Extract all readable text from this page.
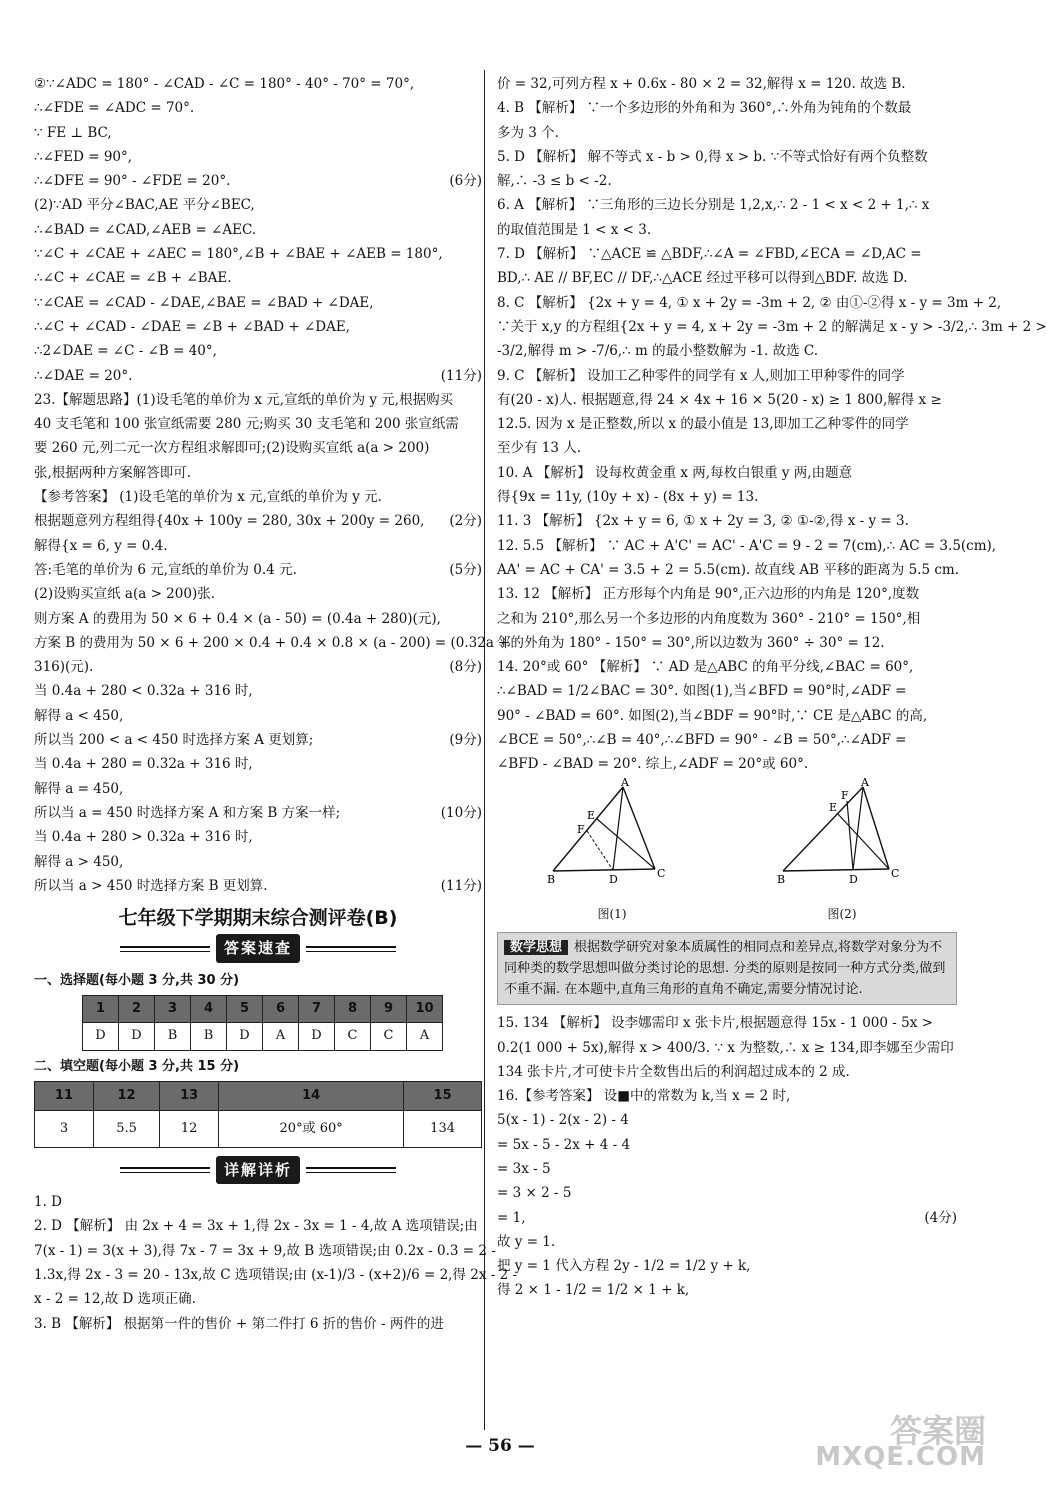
②∵∠ADC = 180° - ∠CAD - ∠C = 180° - 40° - 70° = 70°,
∴∠FDE = ∠ADC = 70°.
∵ FE ⊥ BC,
∴∠FED = 90°,
∴∠DFE = 90° - ∠FDE = 20°.	(6分)
(2)∵AD 平分∠BAC,AE 平分∠BEC,
∴∠BAD = ∠CAD,∠AEB = ∠AEC.
∵∠C + ∠CAE + ∠AEC = 180°,∠B + ∠BAE + ∠AEB = 180°,
∴∠C + ∠CAE = ∠B + ∠BAE.
∵∠CAE = ∠CAD - ∠DAE,∠BAE = ∠BAD + ∠DAE,
∴∠C + ∠CAD - ∠DAE = ∠B + ∠BAD + ∠DAE,
∴2∠DAE = ∠C - ∠B = 40°,
∴∠DAE = 20°.	(11分)
23.【解题思路】(1)设毛笔的单价为 x 元,宣纸的单价为 y 元,根据购买
40 支毛笔和 100 张宣纸需要 280 元;购买 30 支毛笔和 200 张宣纸需
要 260 元,列二元一次方程组求解即可;(2)设购买宣纸 a(a > 200)
张,根据两种方案解答即可.
【参考答案】 (1)设毛笔的单价为 x 元,宣纸的单价为 y 元.
根据题意列方程组得{40x + 100y = 280, 30x + 200y = 260, (2分)
解得{x = 6, y = 0.4.
答:毛笔的单价为 6 元,宣纸的单价为 0.4 元.	(5分)
(2)设购买宣纸 a(a > 200)张.
则方案 A 的费用为 50 × 6 + 0.4 × (a - 50) = (0.4a + 280)(元),
方案 B 的费用为 50 × 6 + 200 × 0.4 + 0.4 × 0.8 × (a - 200) = (0.32a +
316)(元).	(8分)
当 0.4a + 280 < 0.32a + 316 时,
解得 a < 450,
所以当 200 < a < 450 时选择方案 A 更划算;	(9分)
当 0.4a + 280 = 0.32a + 316 时,
解得 a = 450,
所以当 a = 450 时选择方案 A 和方案 B 方案一样;	(10分)
当 0.4a + 280 > 0.32a + 316 时,
解得 a > 450,
所以当 a > 450 时选择方案 B 更划算.	(11分)
七年级下学期期末综合测评卷(B)
答案速查
一、选择题(每小题 3 分,共 30 分)
1	2	3	4	5	6	7	8	9	10
D	D	B	B	D	A	D	C	C	A
二、填空题(每小题 3 分,共 15 分)
11	12	13	14	15
3	5.5	12	20°或 60°	134
详解详析
1. D
2. D 【解析】 由 2x + 4 = 3x + 1,得 2x - 3x = 1 - 4,故 A 选项错误;由
7(x - 1) = 3(x + 3),得 7x - 7 = 3x + 9,故 B 选项错误;由 0.2x - 0.3 = 2 -
1.3x,得 2x - 3 = 20 - 13x,故 C 选项错误;由 (x-1)/3 - (x+2)/6 = 2,得 2x - 2 -
x - 2 = 12,故 D 选项正确.
3. B 【解析】 根据第一件的售价 + 第二件打 6 折的售价 - 两件的进
价 = 32,可列方程 x + 0.6x - 80 × 2 = 32,解得 x = 120. 故选 B.
4. B 【解析】 ∵一个多边形的外角和为 360°,∴外角为钝角的个数最
多为 3 个.
5. D 【解析】 解不等式 x - b > 0,得 x > b. ∵不等式恰好有两个负整数
解,∴ -3 ≤ b < -2.
6. A 【解析】 ∵三角形的三边长分别是 1,2,x,∴ 2 - 1 < x < 2 + 1,∴ x
的取值范围是 1 < x < 3.
7. D 【解析】 ∵△ACE ≌ △BDF,∴∠A = ∠FBD,∠ECA = ∠D,AC =
BD,∴ AE // BF,EC // DF,∴△ACE 经过平移可以得到△BDF. 故选 D.
8. C 【解析】 {2x + y = 4, ① x + 2y = -3m + 2, ② 由①-②得 x - y = 3m + 2,
∵关于 x,y 的方程组{2x + y = 4, x + 2y = -3m + 2 的解满足 x - y > -3/2,∴ 3m + 2 >
-3/2,解得 m > -7/6,∴ m 的最小整数解为 -1. 故选 C.
9. C 【解析】 设加工乙种零件的同学有 x 人,则加工甲种零件的同学
有(20 - x)人. 根据题意,得 24 × 4x + 16 × 5(20 - x) ≥ 1 800,解得 x ≥
12.5. 因为 x 是正整数,所以 x 的最小值是 13,即加工乙种零件的同学
至少有 13 人.
10. A 【解析】 设每枚黄金重 x 两,每枚白银重 y 两,由题意
得{9x = 11y, (10y + x) - (8x + y) = 13.
11. 3 【解析】 {2x + y = 6, ① x + 2y = 3, ② ①-②,得 x - y = 3.
12. 5.5 【解析】 ∵ AC + A'C' = AC' - A'C = 9 - 2 = 7(cm),∴ AC = 3.5(cm),
AA' = AC + CA' = 3.5 + 2 = 5.5(cm). 故直线 AB 平移的距离为 5.5 cm.
13. 12 【解析】 正方形每个内角是 90°,正六边形的内角是 120°,度数
之和为 210°,那么另一个多边形的内角度数为 360° - 210° = 150°,相
邻的外角为 180° - 150° = 30°,所以边数为 360° ÷ 30° = 12.
14. 20°或 60° 【解析】 ∵ AD 是△ABC 的角平分线,∠BAC = 60°,
∴∠BAD = 1/2∠BAC = 30°. 如图(1),当∠BFD = 90°时,∠ADF =
90° - ∠BAD = 60°. 如图(2),当∠BDF = 90°时,∵ CE 是△ABC 的高,
∠BCE = 50°,∴∠B = 40°,∴∠BFD = 90° - ∠B = 50°,∴∠ADF =
∠BFD - ∠BAD = 20°. 综上,∠ADF = 20°或 60°.
A
E
F
B	D	C
图(1)
A
E
F
B	D	C
图(2)
数学思想 根据数学研究对象本质属性的相同点和差异点,将数学对象分为不同种类的数学思想叫做分类讨论的思想. 分类的原则是按同一种方式分类,做到不重不漏. 在本题中,直角三角形的直角不确定,需要分情况讨论.
15. 134 【解析】 设李娜需印 x 张卡片,根据题意得 15x - 1 000 - 5x >
0.2(1 000 + 5x),解得 x > 400/3. ∵ x 为整数,∴ x ≥ 134,即李娜至少需印
134 张卡片,才可使卡片全数售出后的利润超过成本的 2 成.
16.【参考答案】 设■中的常数为 k,当 x = 2 时,
5(x - 1) - 2(x - 2) - 4
= 5x - 5 - 2x + 4 - 4
= 3x - 5
= 3 × 2 - 5
= 1,	(4分)
故 y = 1.
把 y = 1 代入方程 2y - 1/2 = 1/2 y + k,
得 2 × 1 - 1/2 = 1/2 × 1 + k,
— 56 —	答案圈
MXQE.COM
